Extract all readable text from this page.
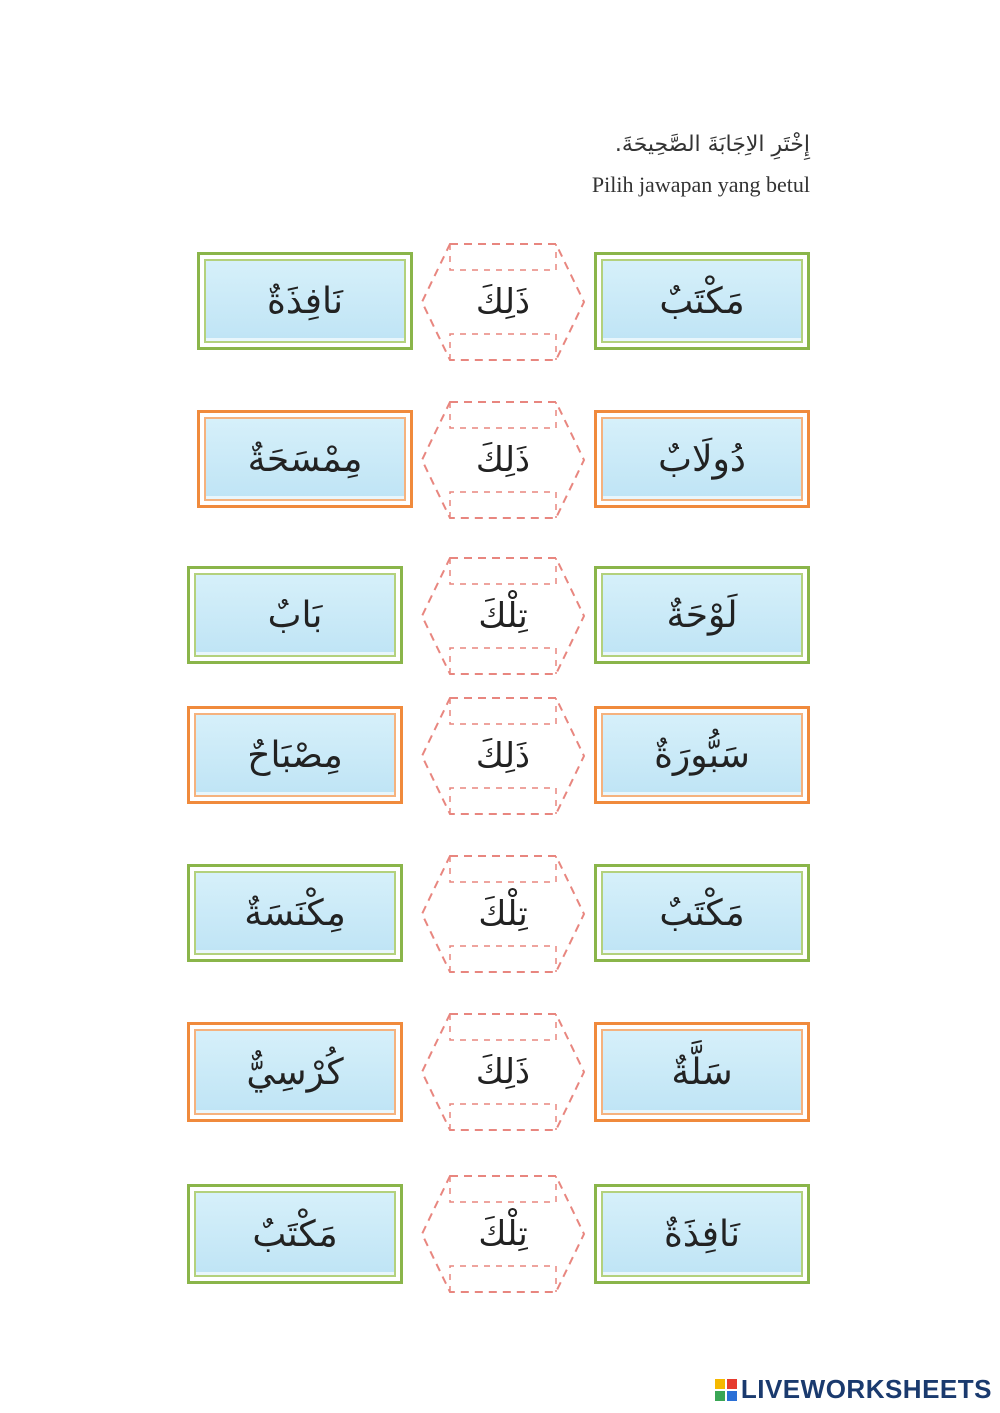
إِخْتَرِ الاِجَابَةَ الصَّحِيحَةَ.
Pilih jawapan yang betul
نَافِذَةٌ	مَكْتَبٌ
ذَلِكَ
مِمْسَحَةٌ	دُولَابٌ
ذَلِكَ
بَابٌ	لَوْحَةٌ
تِلْكَ
مِصْبَاحٌ	سَبُّورَةٌ
ذَلِكَ
مِكْنَسَةٌ	مَكْتَبٌ
تِلْكَ
كُرْسِيٌّ	سَلَّةٌ
ذَلِكَ
مَكْتَبٌ	نَافِذَةٌ
تِلْكَ
LIVEWORKSHEETS
